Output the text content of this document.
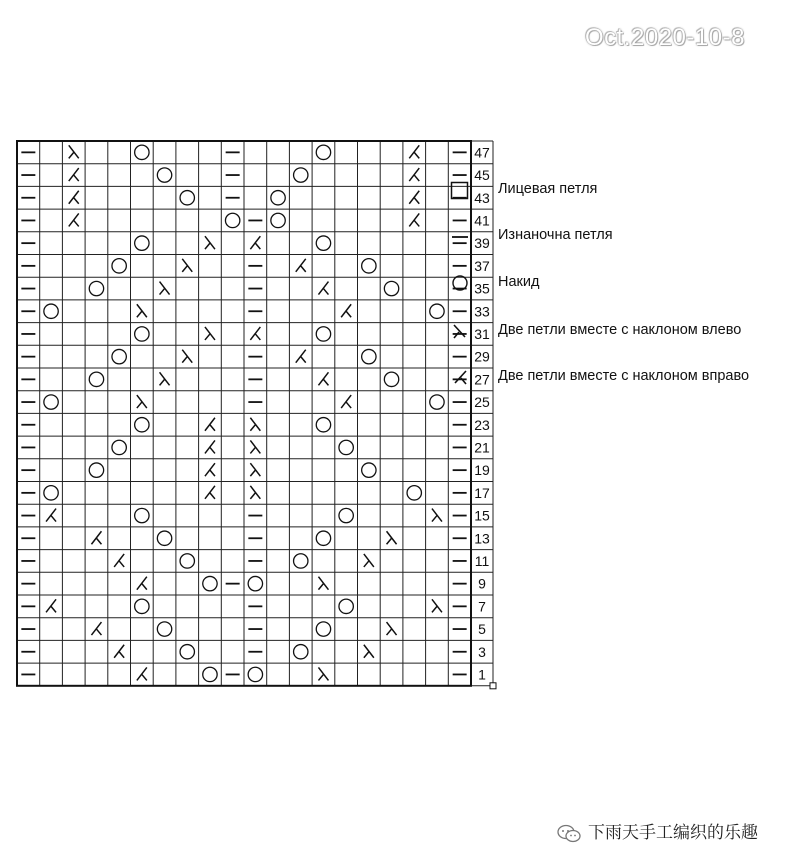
Oct.2020-10-8
47
45
43
41
39
37
35
33
31
29
27
25
23
21
19
17
15
13
11
9
7
5
3
1
Лицевая петля
Изнаночна петля
Накид
Две петли вместе с наклоном влево
Две петли вместе с наклоном вправо
下雨天手工编织的乐趣
